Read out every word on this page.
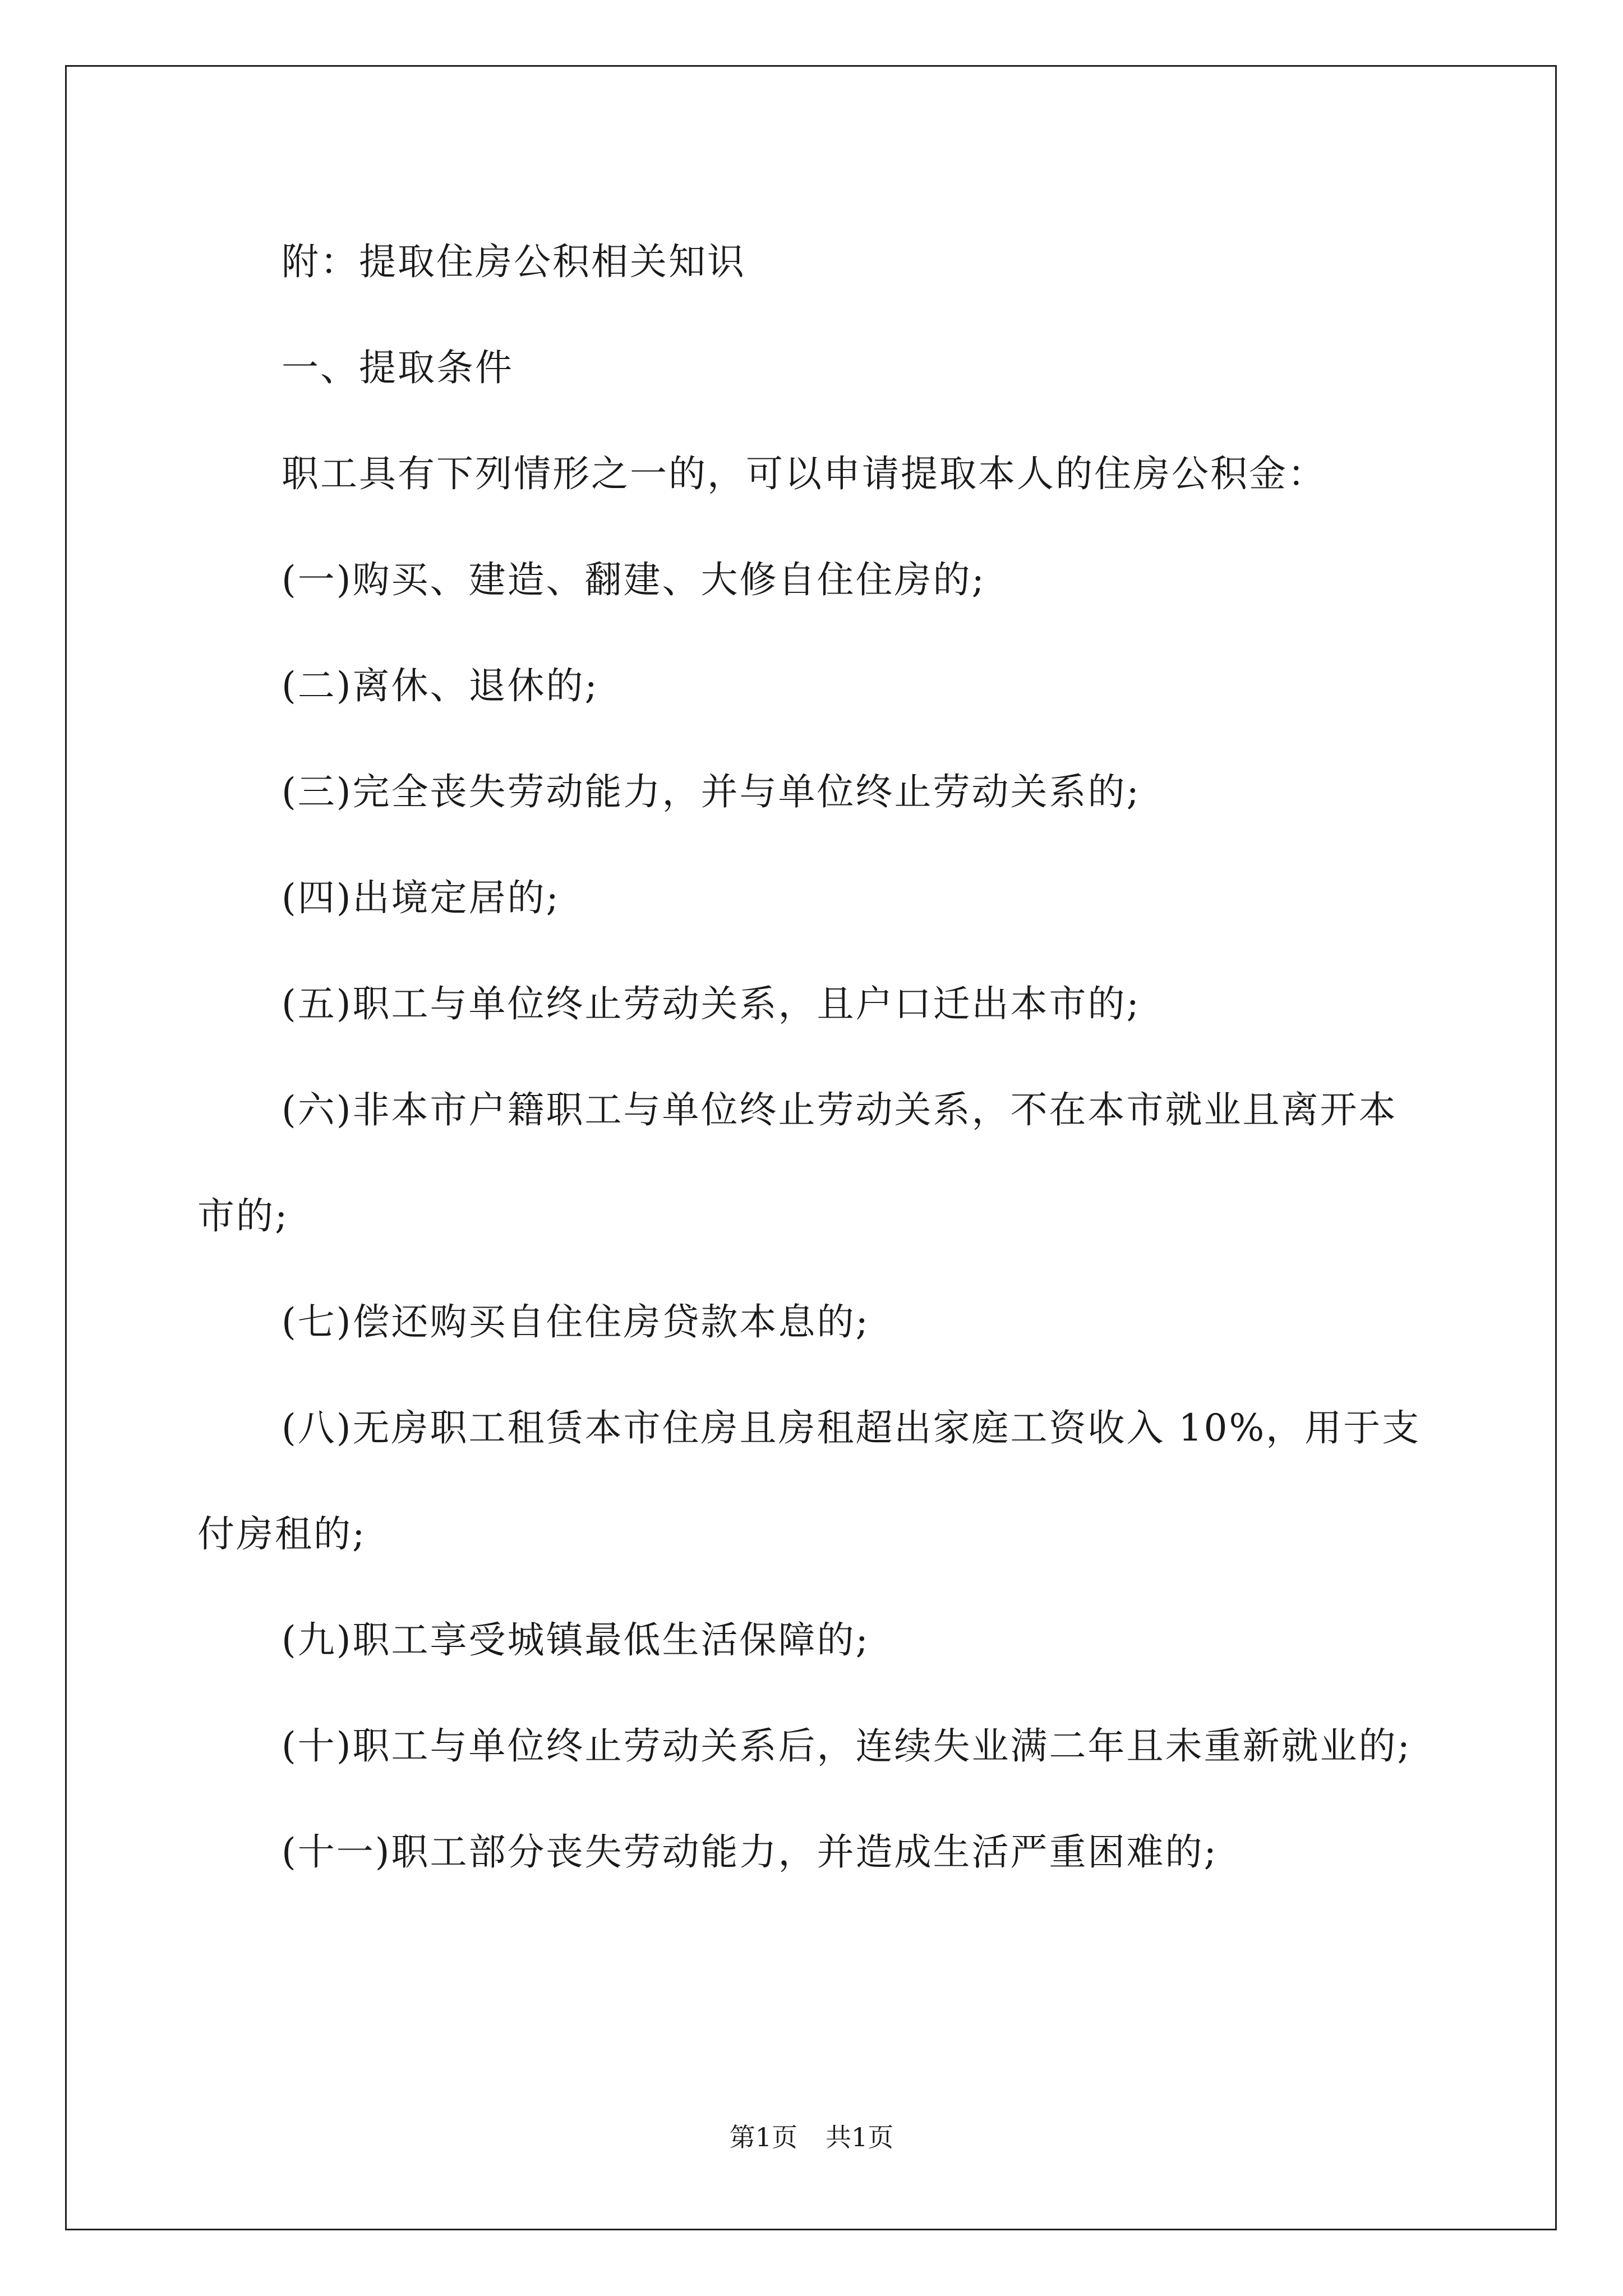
附：提取住房公积相关知识

一、提取条件

职工具有下列情形之一的，可以申请提取本人的住房公积金：

(一)购买、建造、翻建、大修自住住房的;

(二)离休、退休的;

(三)完全丧失劳动能力，并与单位终止劳动关系的;

(四)出境定居的;

(五)职工与单位终止劳动关系，且户口迁出本市的;

(六)非本市户籍职工与单位终止劳动关系，不在本市就业且离开本市的;

(七)偿还购买自住住房贷款本息的;

(八)无房职工租赁本市住房且房租超出家庭工资收入 10%，用于支付房租的;

(九)职工享受城镇最低生活保障的;

(十)职工与单位终止劳动关系后，连续失业满二年且未重新就业的;

(十一)职工部分丧失劳动能力，并造成生活严重困难的;

第1页 共1页
